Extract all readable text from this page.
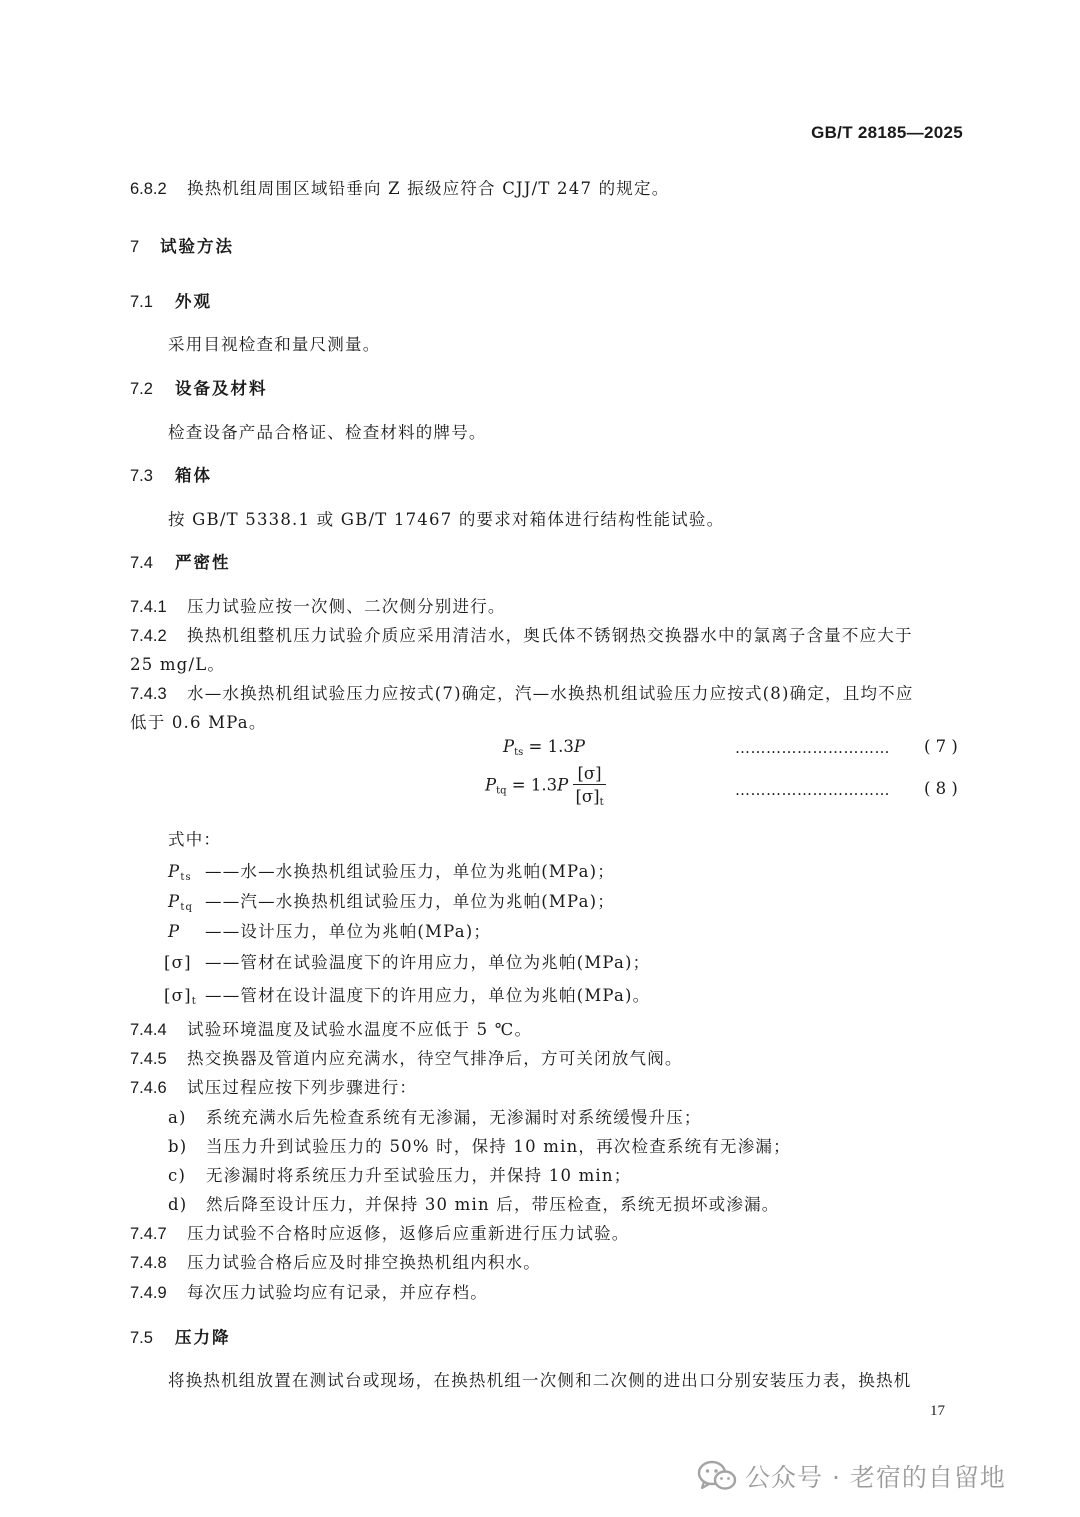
GB/T 28185—2025
6.8.2 换热机组周围区域铅垂向 Z 振级应符合 CJJ/T 247 的规定。
7 试验方法
7.1 外观
采用目视检查和量尺测量。
7.2 设备及材料
检查设备产品合格证、检查材料的牌号。
7.3 箱体
按 GB/T 5338.1 或 GB/T 17467 的要求对箱体进行结构性能试验。
7.4 严密性
7.4.1 压力试验应按一次侧、二次侧分别进行。
7.4.2 换热机组整机压力试验介质应采用清洁水，奥氏体不锈钢热交换器水中的氯离子含量不应大于
25 mg/L。
7.4.3 水—水换热机组试验压力应按式(7)确定，汽—水换热机组试验压力应按式(8)确定，且均不应
低于 0.6 MPa。
$P_{ts} = 1.3P$	………………………… ( 7 )
$P_{tq} = 1.3P \frac{[\sigma]}{[\sigma]_t}$	………………………… ( 8 )
式中：
$P_{ts}$ ——水—水换热机组试验压力，单位为兆帕(MPa)；
$P_{tq}$ ——汽—水换热机组试验压力，单位为兆帕(MPa)；
P ——设计压力，单位为兆帕(MPa)；
[σ] ——管材在试验温度下的许用应力，单位为兆帕(MPa)；
$[\sigma]_t$ ——管材在设计温度下的许用应力，单位为兆帕(MPa)。
7.4.4 试验环境温度及试验水温度不应低于 5 ℃。
7.4.5 热交换器及管道内应充满水，待空气排净后，方可关闭放气阀。
7.4.6 试压过程应按下列步骤进行：
a) 系统充满水后先检查系统有无渗漏，无渗漏时对系统缓慢升压；
b) 当压力升到试验压力的 50% 时，保持 10 min，再次检查系统有无渗漏；
c) 无渗漏时将系统压力升至试验压力，并保持 10 min；
d) 然后降至设计压力，并保持 30 min 后，带压检查，系统无损坏或渗漏。
7.4.7 压力试验不合格时应返修，返修后应重新进行压力试验。
7.4.8 压力试验合格后应及时排空换热机组内积水。
7.4.9 每次压力试验均应有记录，并应存档。
7.5 压力降
将换热机组放置在测试台或现场，在换热机组一次侧和二次侧的进出口分别安装压力表，换热机
17
公众号 · 老宿的自留地
